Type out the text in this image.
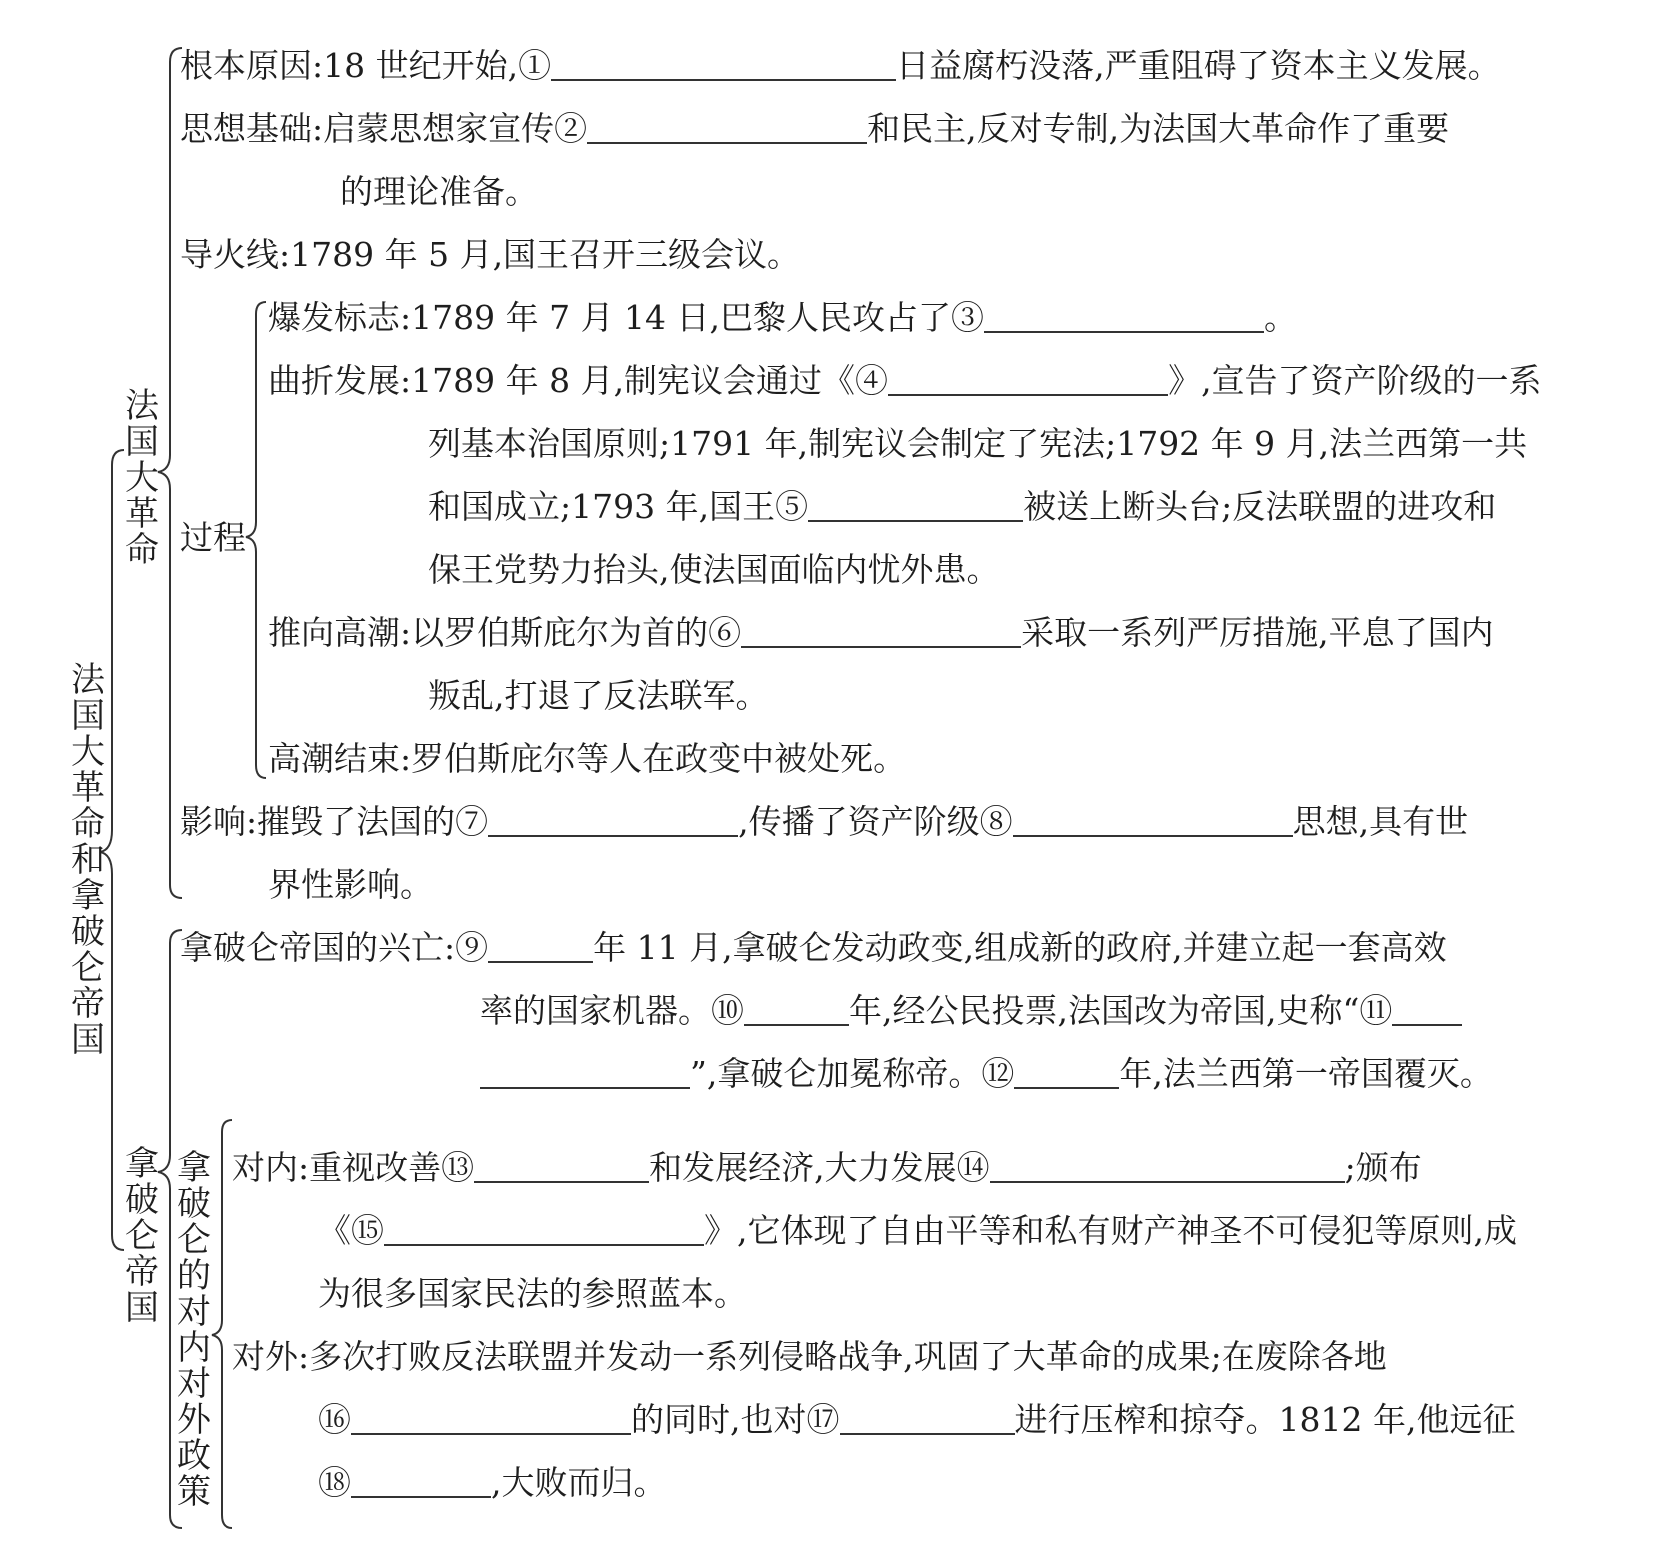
法国大革命和拿破仑帝国
法国大革命
拿破仑帝国
拿破仑的对内对外政策
过程
根本原因:18 世纪开始,①	日益腐朽没落,严重阻碍了资本主义发展。
思想基础:启蒙思想家宣传②	和民主,反对专制,为法国大革命作了重要
的理论准备。
导火线:1789 年 5 月,国王召开三级会议。
爆发标志:1789 年 7 月 14 日,巴黎人民攻占了③	。
曲折发展:1789 年 8 月,制宪议会通过《④	》,宣告了资产阶级的一系
列基本治国原则;1791 年,制宪议会制定了宪法;1792 年 9 月,法兰西第一共
和国成立;1793 年,国王⑤	被送上断头台;反法联盟的进攻和
保王党势力抬头,使法国面临内忧外患。
推向高潮:以罗伯斯庇尔为首的⑥	采取一系列严厉措施,平息了国内
叛乱,打退了反法联军。
高潮结束:罗伯斯庇尔等人在政变中被处死。
影响:摧毁了法国的⑦	,传播了资产阶级⑧	思想,具有世
界性影响。
拿破仑帝国的兴亡:⑨	年 11 月,拿破仑发动政变,组成新的政府,并建立起一套高效
率的国家机器。⑩	年,经公民投票,法国改为帝国,史称“⑪
”,拿破仑加冕称帝。⑫	年,法兰西第一帝国覆灭。
对内:重视改善⑬	和发展经济,大力发展⑭	;颁布
《⑮	》,它体现了自由平等和私有财产神圣不可侵犯等原则,成
为很多国家民法的参照蓝本。
对外:多次打败反法联盟并发动一系列侵略战争,巩固了大革命的成果;在废除各地
⑯	的同时,也对⑰	进行压榨和掠夺。1812 年,他远征
⑱	,大败而归。
